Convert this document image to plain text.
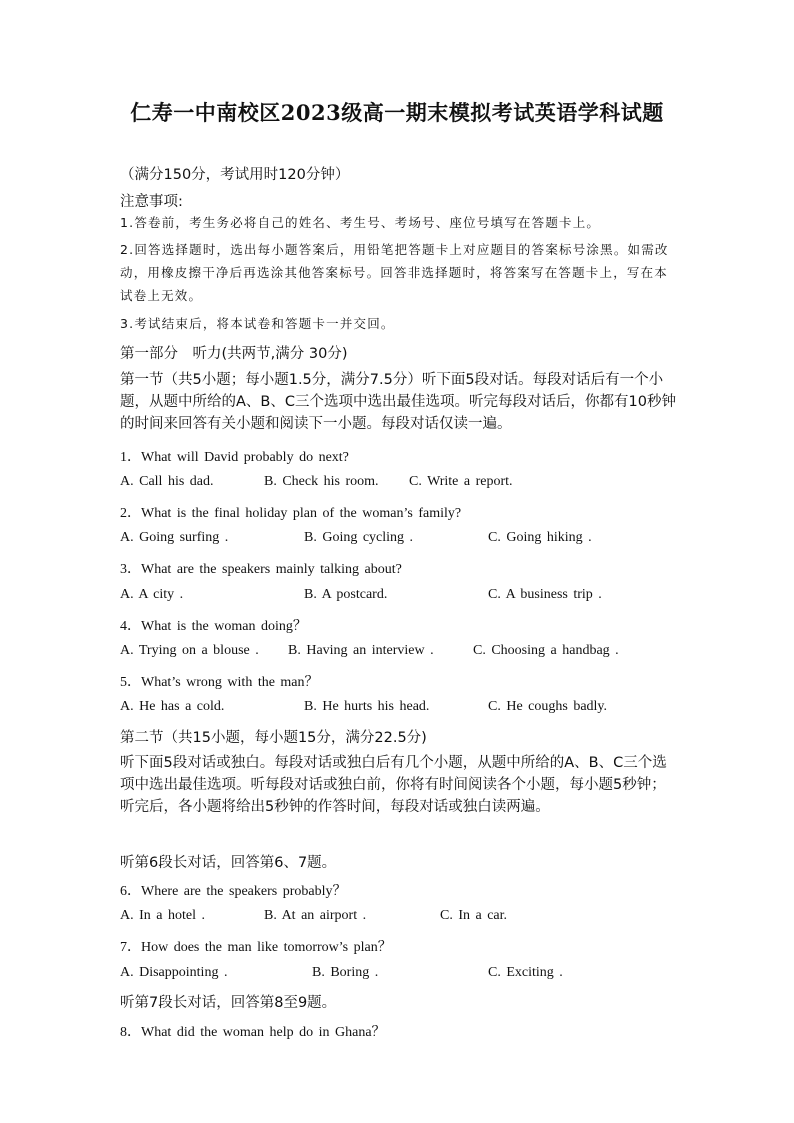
仁寿一中南校区2023级高一期末模拟考试英语学科试题
（满分150分，考试用时120分钟）
注意事项:
1.答卷前，考生务必将自己的姓名、考生号、考场号、座位号填写在答题卡上。
2.回答选择题时，选出每小题答案后，用铅笔把答题卡上对应题目的答案标号涂黑。如需改动，用橡皮擦干净后再选涂其他答案标号。回答非选择题时，将答案写在答题卡上，写在本试卷上无效。
3.考试结束后，将本试卷和答题卡一并交回。
第一部分　听力(共两节,满分 30分)
第一节（共5小题；每小题1.5分，满分7.5分）听下面5段对话。每段对话后有一个小题，从题中所给的A、B、C三个选项中选出最佳选项。听完每段对话后，你都有10秒钟的时间来回答有关小题和阅读下一小题。每段对话仅读一遍。
1．What will David probably do next?
A. Call his dad.	B. Check his room. C. Write a report.
2．What is the final holiday plan of the woman’s family?
A. Going surfing .	B. Going cycling .	C. Going hiking .
3．What are the speakers mainly talking about?
A. A city .	B. A postcard.	C. A business trip .
4．What is the woman doing？
A. Trying on a blouse . B. Having an interview .	C. Choosing a handbag .
5．What’s wrong with the man？
A. He has a cold.	B. He hurts his head.	C. He coughs badly.
第二节（共15小题，每小题15分，满分22.5分)
听下面5段对话或独白。每段对话或独白后有几个小题，从题中所给的A、B、C三个选项中选出最佳选项。听每段对话或独白前，你将有时间阅读各个小题，每小题5秒钟；听完后，各小题将给出5秒钟的作答时间，每段对话或独白读两遍。
听第6段长对话，回答第6、7题。
6．Where are the speakers probably？
A. In a hotel .	B. At an airport .	C. In a car.
7．How does the man like tomorrow’s plan？
A. Disappointing .	B. Boring .	C. Exciting .
听第7段长对话，回答第8至9题。
8．What did the woman help do in Ghana？
